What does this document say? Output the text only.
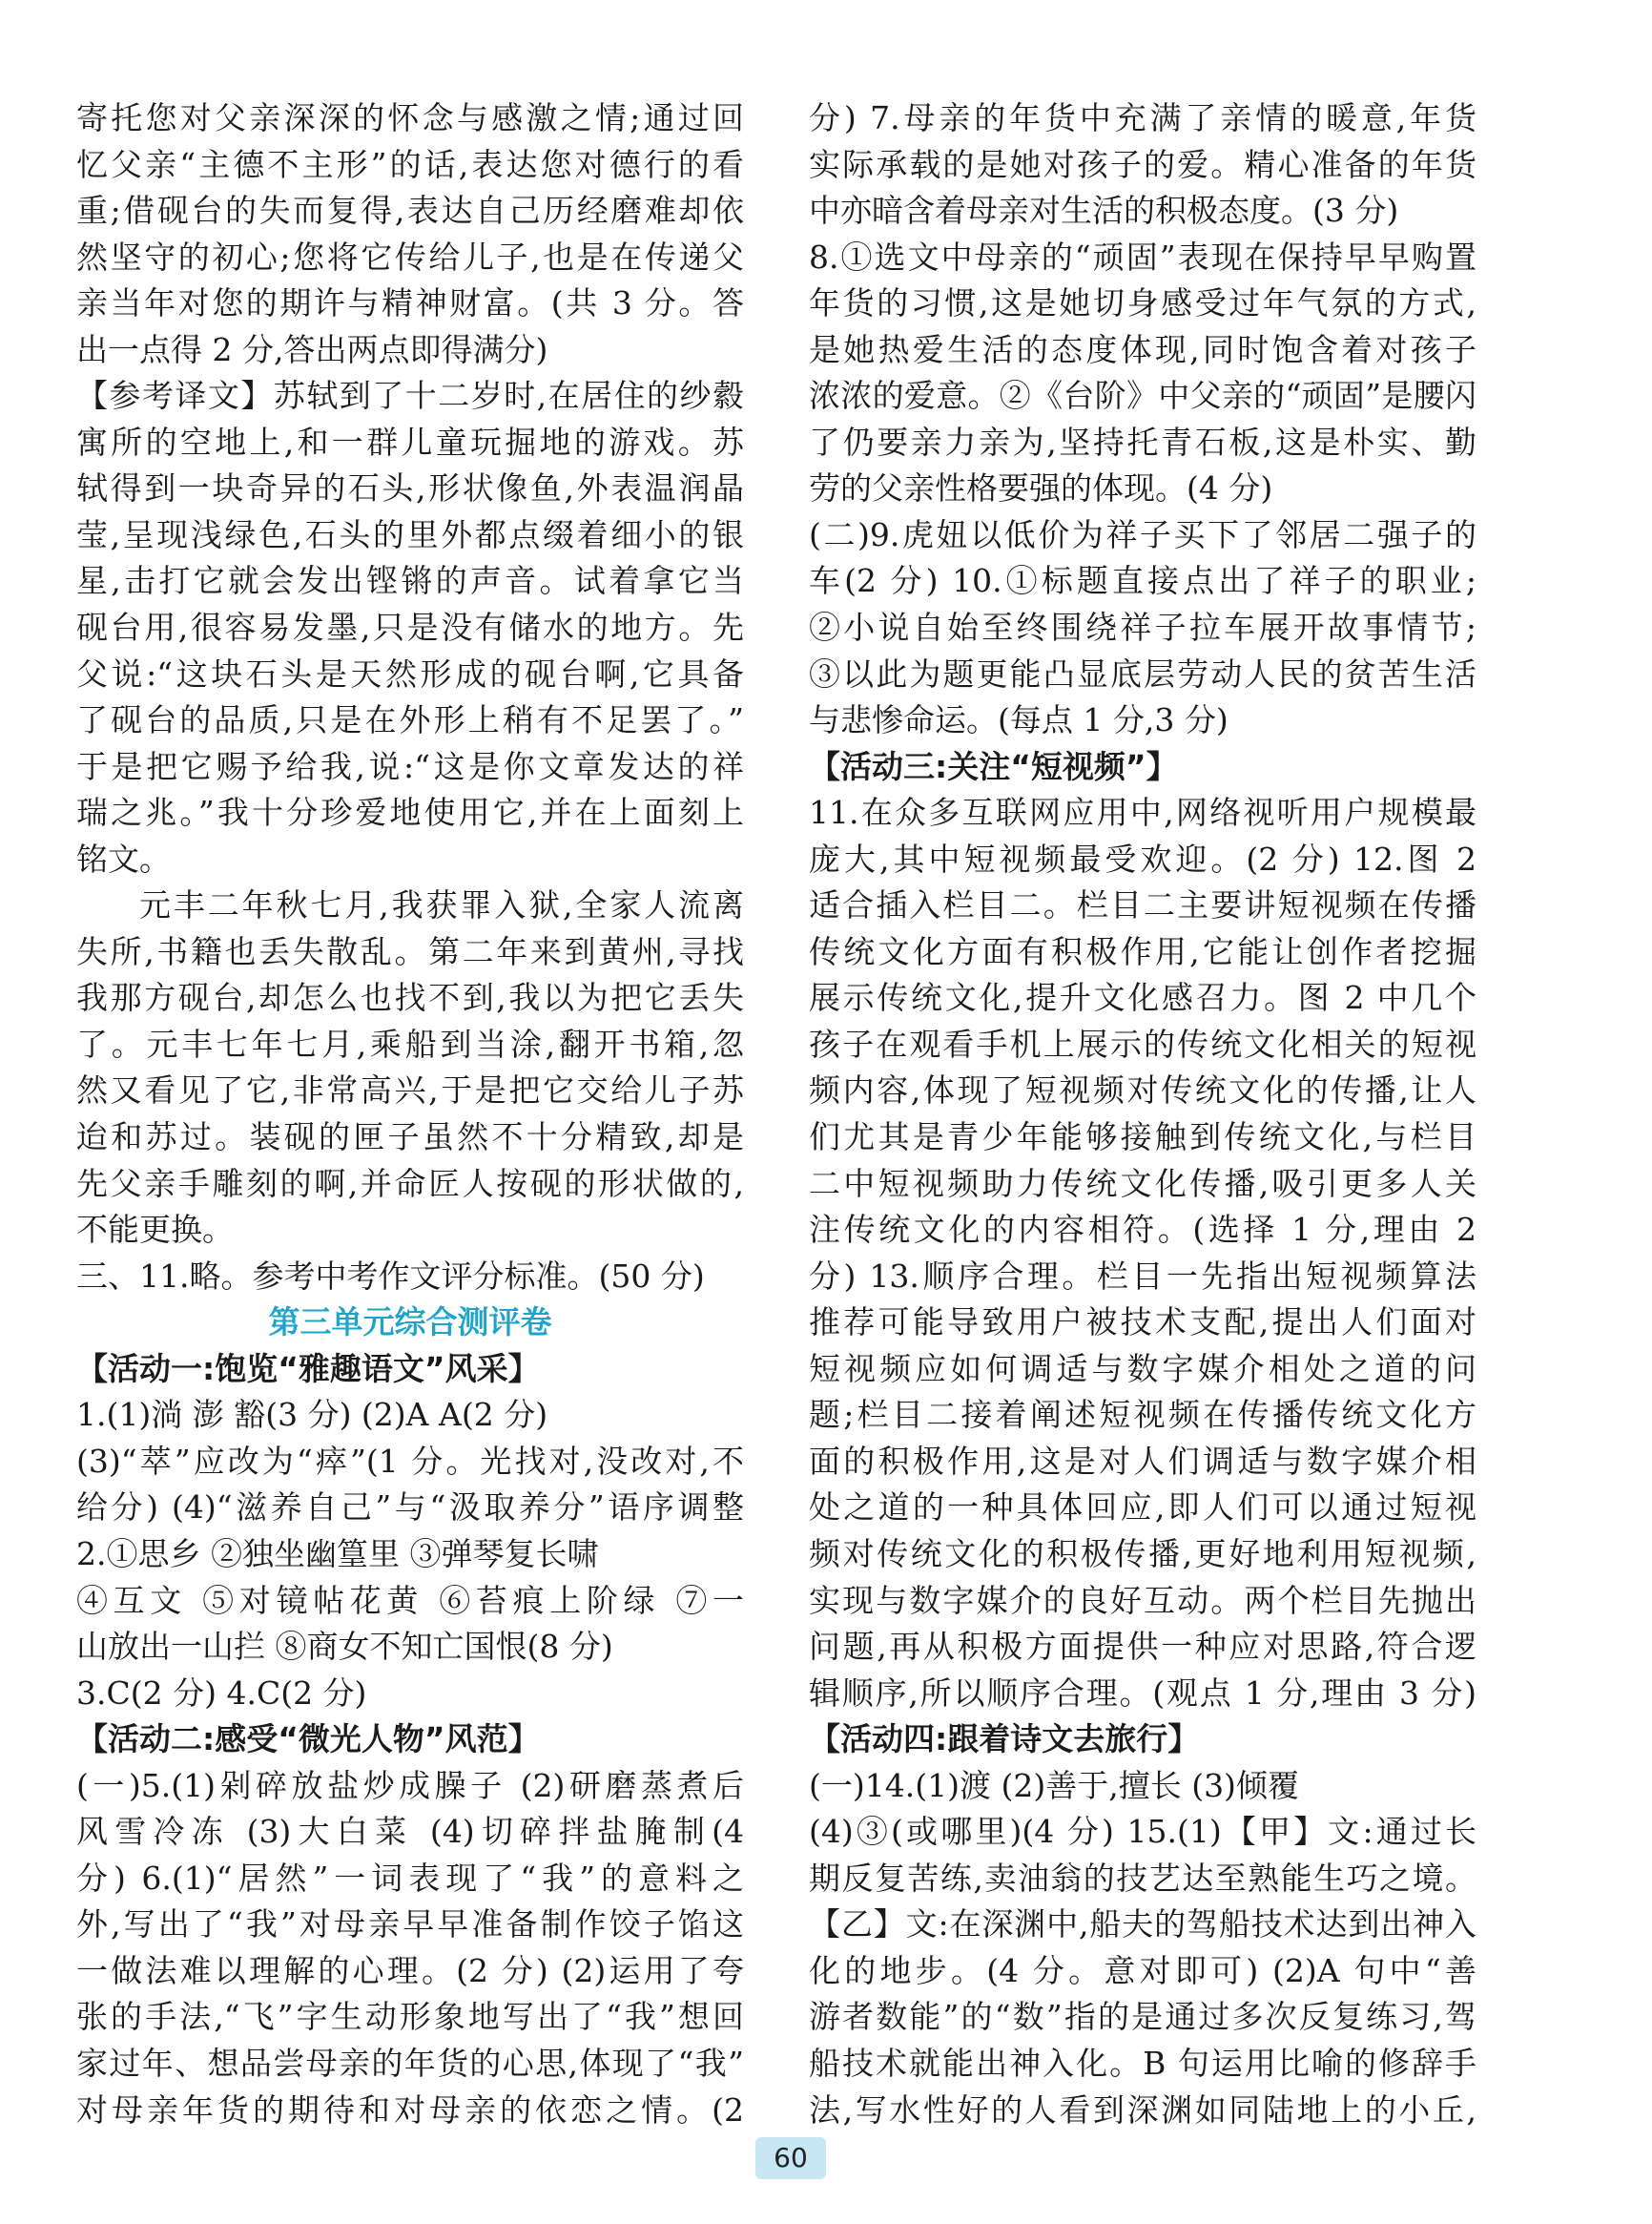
寄托您对父亲深深的怀念与感激之情;通过回
忆父亲“主德不主形”的话,表达您对德行的看
重;借砚台的失而复得,表达自己历经磨难却依
然坚守的初心;您将它传给儿子,也是在传递父
亲当年对您的期许与精神财富。(共 3 分。答
出一点得 2 分,答出两点即得满分)
【参考译文】苏轼到了十二岁时,在居住的纱縠
寓所的空地上,和一群儿童玩掘地的游戏。苏
轼得到一块奇异的石头,形状像鱼,外表温润晶
莹,呈现浅绿色,石头的里外都点缀着细小的银
星,击打它就会发出铿锵的声音。试着拿它当
砚台用,很容易发墨,只是没有储水的地方。先
父说:“这块石头是天然形成的砚台啊,它具备
了砚台的品质,只是在外形上稍有不足罢了。”
于是把它赐予给我,说:“这是你文章发达的祥
瑞之兆。”我十分珍爱地使用它,并在上面刻上
铭文。
元丰二年秋七月,我获罪入狱,全家人流离
失所,书籍也丢失散乱。第二年来到黄州,寻找
我那方砚台,却怎么也找不到,我以为把它丢失
了。元丰七年七月,乘船到当涂,翻开书箱,忽
然又看见了它,非常高兴,于是把它交给儿子苏
迨和苏过。装砚的匣子虽然不十分精致,却是
先父亲手雕刻的啊,并命匠人按砚的形状做的,
不能更换。
三、11.略。参考中考作文评分标准。(50 分)
第三单元综合测评卷
【活动一:饱览“雅趣语文”风采】
1.(1)淌 澎 豁(3 分) (2)A A(2 分)
(3)“萃”应改为“瘁”(1 分。光找对,没改对,不
给分) (4)“滋养自己”与“汲取养分”语序调整
2.①思乡 ②独坐幽篁里 ③弹琴复长啸
④互文 ⑤对镜帖花黄 ⑥苔痕上阶绿 ⑦一
山放出一山拦 ⑧商女不知亡国恨(8 分)
3.C(2 分) 4.C(2 分)
【活动二:感受“微光人物”风范】
(一)5.(1)剁碎放盐炒成臊子 (2)研磨蒸煮后
风雪冷冻 (3)大白菜 (4)切碎拌盐腌制(4
分) 6.(1)“居然”一词表现了“我”的意料之
外,写出了“我”对母亲早早准备制作饺子馅这
一做法难以理解的心理。(2 分) (2)运用了夸
张的手法,“飞”字生动形象地写出了“我”想回
家过年、想品尝母亲的年货的心思,体现了“我”
对母亲年货的期待和对母亲的依恋之情。(2
分) 7.母亲的年货中充满了亲情的暖意,年货
实际承载的是她对孩子的爱。精心准备的年货
中亦暗含着母亲对生活的积极态度。(3 分)
8.①选文中母亲的“顽固”表现在保持早早购置
年货的习惯,这是她切身感受过年气氛的方式,
是她热爱生活的态度体现,同时饱含着对孩子
浓浓的爱意。②《台阶》中父亲的“顽固”是腰闪
了仍要亲力亲为,坚持托青石板,这是朴实、勤
劳的父亲性格要强的体现。(4 分)
(二)9.虎妞以低价为祥子买下了邻居二强子的
车(2 分) 10.①标题直接点出了祥子的职业;
②小说自始至终围绕祥子拉车展开故事情节;
③以此为题更能凸显底层劳动人民的贫苦生活
与悲惨命运。(每点 1 分,3 分)
【活动三:关注“短视频”】
11.在众多互联网应用中,网络视听用户规模最
庞大,其中短视频最受欢迎。(2 分) 12.图 2
适合插入栏目二。栏目二主要讲短视频在传播
传统文化方面有积极作用,它能让创作者挖掘
展示传统文化,提升文化感召力。图 2 中几个
孩子在观看手机上展示的传统文化相关的短视
频内容,体现了短视频对传统文化的传播,让人
们尤其是青少年能够接触到传统文化,与栏目
二中短视频助力传统文化传播,吸引更多人关
注传统文化的内容相符。(选择 1 分,理由 2
分) 13.顺序合理。栏目一先指出短视频算法
推荐可能导致用户被技术支配,提出人们面对
短视频应如何调适与数字媒介相处之道的问
题;栏目二接着阐述短视频在传播传统文化方
面的积极作用,这是对人们调适与数字媒介相
处之道的一种具体回应,即人们可以通过短视
频对传统文化的积极传播,更好地利用短视频,
实现与数字媒介的良好互动。两个栏目先抛出
问题,再从积极方面提供一种应对思路,符合逻
辑顺序,所以顺序合理。(观点 1 分,理由 3 分)
【活动四:跟着诗文去旅行】
(一)14.(1)渡 (2)善于,擅长 (3)倾覆
(4)③(或哪里)(4 分) 15.(1)【甲】文:通过长
期反复苦练,卖油翁的技艺达至熟能生巧之境。
【乙】文:在深渊中,船夫的驾船技术达到出神入
化的地步。(4 分。意对即可) (2)A 句中“善
游者数能”的“数”指的是通过多次反复练习,驾
船技术就能出神入化。B 句运用比喻的修辞手
法,写水性好的人看到深渊如同陆地上的小丘,
60
